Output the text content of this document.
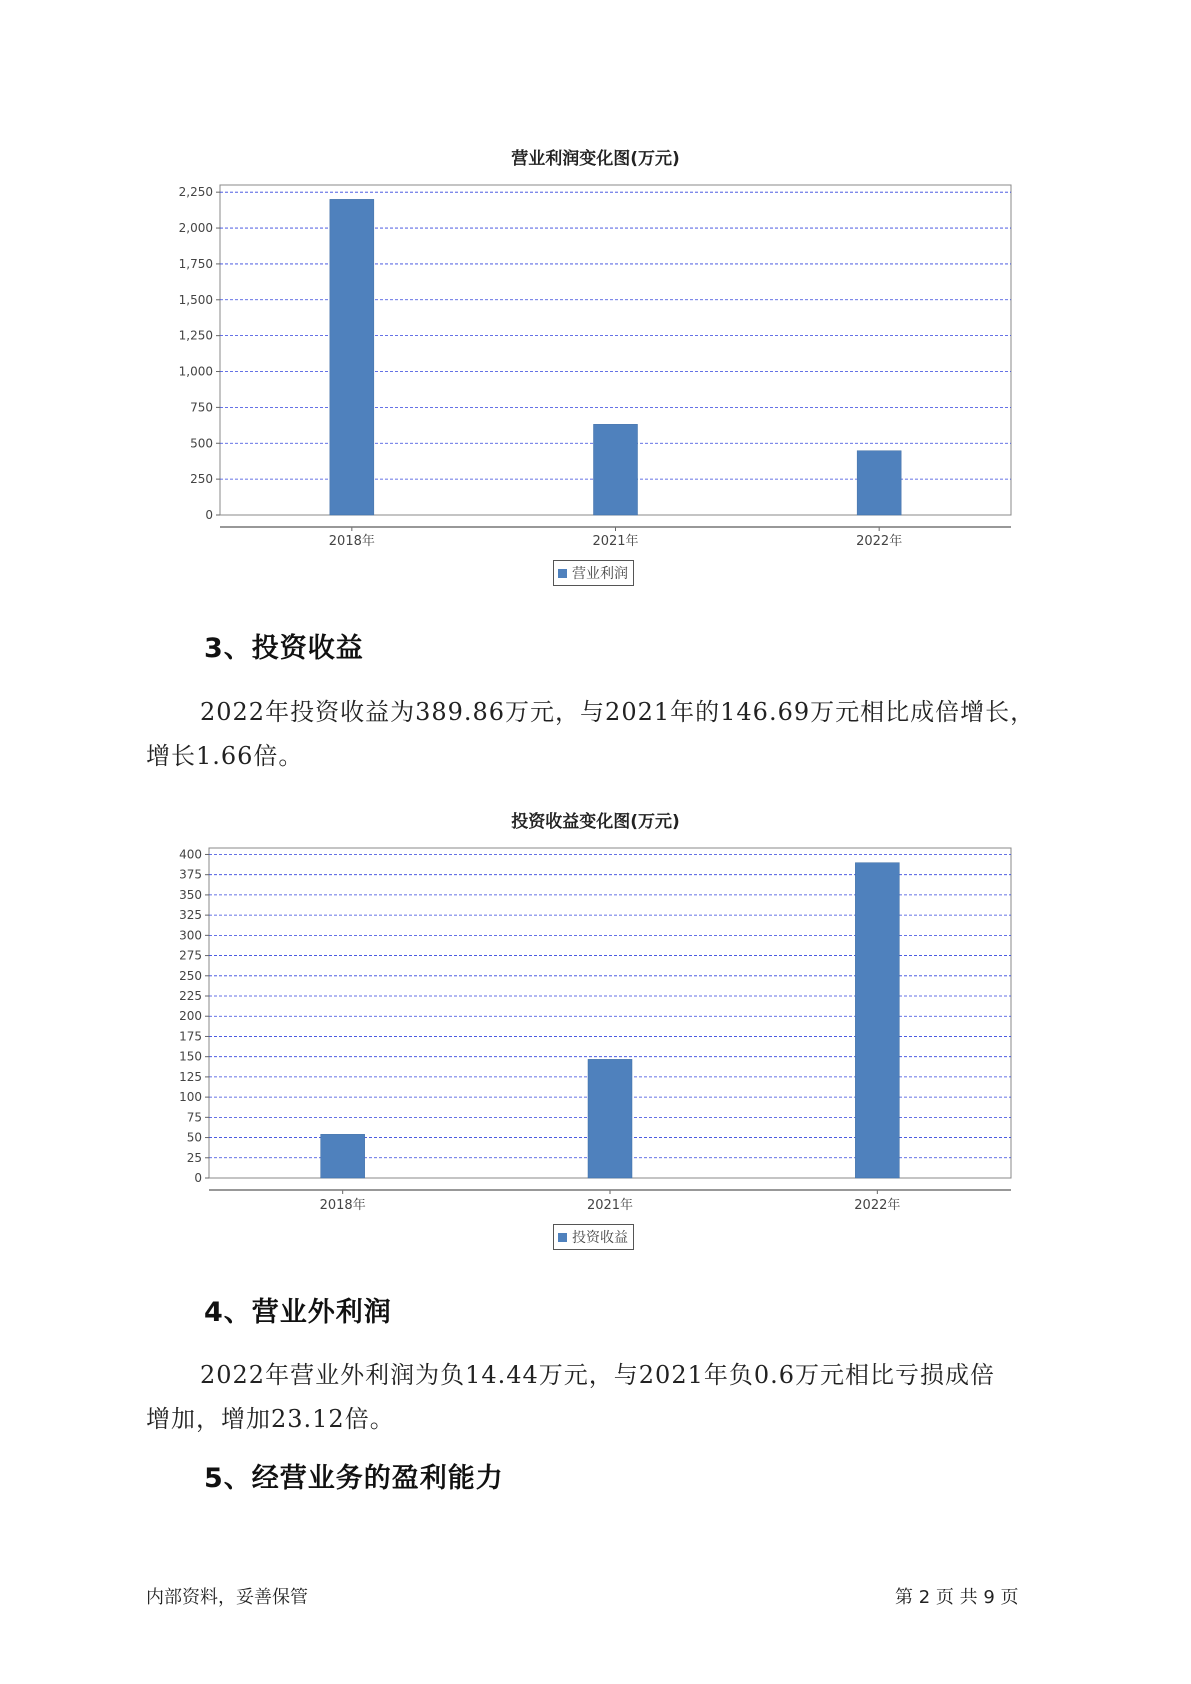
营业利润变化图(万元)
0
250
500
750
1,000
1,250
1,500
1,750
2,000
2,250
2018年	2021年	2022年
营业利润
3、投资收益
2022年投资收益为389.86万元，与2021年的146.69万元相比成倍增长，
增长1.66倍。
投资收益变化图(万元)
0
25
50
75
100
125
150
175
200
225
250
275
300
325
350
375
400
2018年	2021年	2022年
投资收益
4、营业外利润
2022年营业外利润为负14.44万元，与2021年负0.6万元相比亏损成倍
增加，增加23.12倍。
5、经营业务的盈利能力
内部资料，妥善保管	第 2 页 共 9 页
